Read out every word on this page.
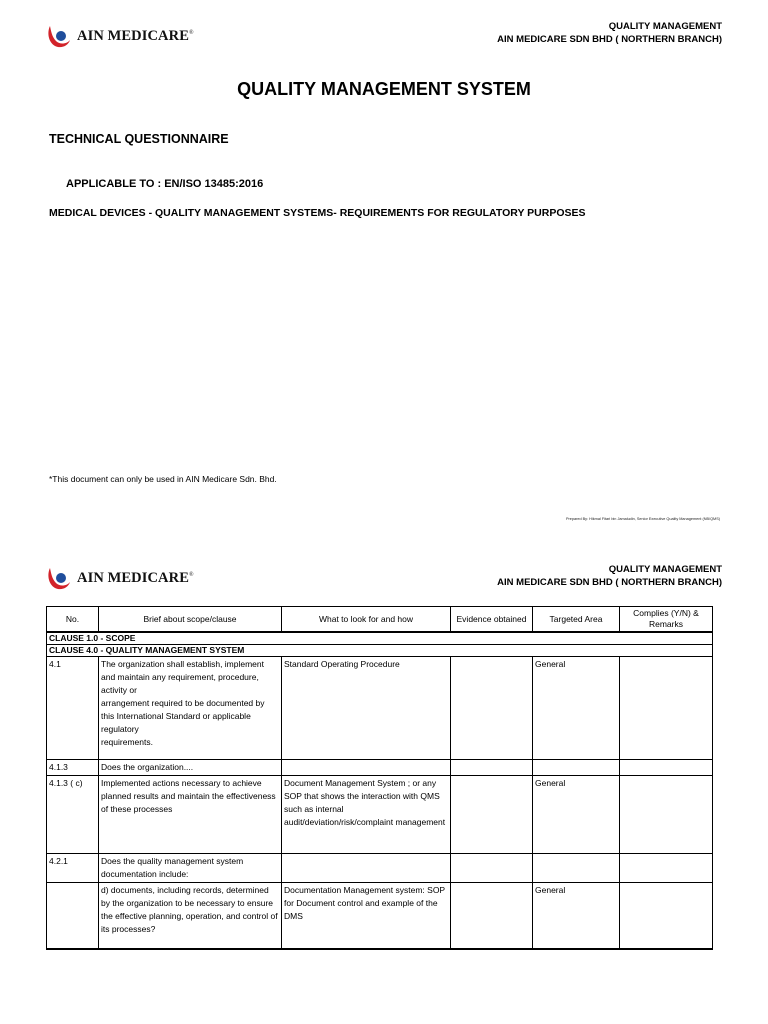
AIN MEDICARE®
QUALITY MANAGEMENT
AIN MEDICARE SDN BHD ( NORTHERN BRANCH)
QUALITY MANAGEMENT SYSTEM
TECHNICAL QUESTIONNAIRE
APPLICABLE TO : EN/ISO 13485:2016
MEDICAL DEVICES - QUALITY MANAGEMENT SYSTEMS- REQUIREMENTS FOR REGULATORY PURPOSES
*This document can only be used in AIN Medicare Sdn. Bhd.
Prepared By: Hikmal Fitari bin Jamaludin, Senior Executive Quality Management (NB/QMS)
AIN MEDICARE®	QUALITY MANAGEMENT
AIN MEDICARE SDN BHD ( NORTHERN BRANCH)
No.	Brief about scope/clause	What to look for and how	Evidence obtained	Targeted Area	Complies (Y/N) & Remarks
CLAUSE 1.0 - SCOPE					
CLAUSE 4.0 - QUALITY MANAGEMENT SYSTEM					
4.1	The organization shall establish, implement and maintain any requirement, procedure, activity or
arrangement required to be documented by this International Standard or applicable regulatory
requirements.	Standard Operating Procedure		General	
4.1.3	Does the organization....				
4.1.3 ( c)	Implemented actions necessary to achieve planned results and maintain the effectiveness of these processes	Document Management System ; or any SOP that shows the interaction with QMS such as internal audit/deviation/risk/complaint management		General	
4.2.1	Does the quality management system documentation include:				
	d) documents, including records, determined by the organization to be necessary to ensure the effective planning, operation, and control of its processes?	Documentation Management system: SOP for Document control and example of the DMS		General	
